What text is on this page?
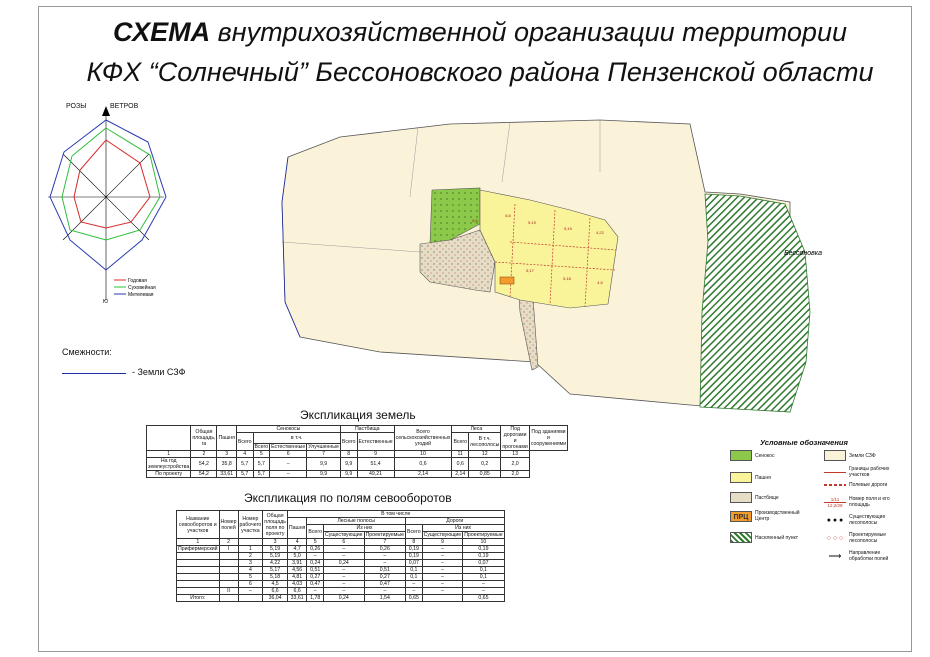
СХЕМА внутрихозяйственной организации территории
КФХ “Солнечный” Бессоновского района Пензенской области
РОЗЫ	ВЕТРОВ
Ю
Годовая
Суховейная
Метелевая
Смежности:
- Земли СЗФ
5,6	5,19
5,19
4,22
5,17
5,18
4,5
6,6
Бессоновка
Экспликация земель
	Общая площадь, га	Пашня	Сенокосы				Пастбища		Всего сельскохозяйственных угодий	Леса		Под дорогами и прогонами	Под зданиями и сооружениями
			Всего	в т.ч.			Всего	Естественные		Всего	В т.ч. лесополосы		
				Всего	Естественные	Улучшенные							
1	2	3	4	5	6	7	8	9	10	11	12	13	
На год землеустройства	54,2	35,8	5,7	5,7	–	9,9	9,9	51,4	0,6	0,6	0,2	2,0	
По проекту	54,2	33,61	5,7	5,7	–	9,9	9,9	49,21	2,14	2,14	0,85	2,0	
Экспликация по полям севооборотов
Название севооборотов и участков	Номер полей	Номер рабочего участка	Общая площадь поля по проекту	В том числе						
				Пашня	Лесные полосы			Дороги		
					Всего	Из них		Всего	Из них	
						Существующие	Проектируемые		Существующие	Проектируемые
1	2		3	4	5	6	7	8	9	10
Прифермерский	I	1	5,19	4,7	0,26	–	0,26	0,19	–	0,19
		2	5,19	5,0	–	–	–	0,19	–	0,19
		3	4,22	3,91	0,24	0,24	–	0,07	–	0,07
		4	5,17	4,56	0,51	–	0,51	0,1	–	0,1
		5	5,18	4,81	0,27	–	0,27	0,1	–	0,1
		6	4,5	4,03	0,47	–	0,47	–	–	–
	II	–	6,6	6,6	–	–	–	–	–	–
Итого:			36,04	33,61	1,78	0,24	1,54	0,65		0,65
Условные обозначения
Сенокос
Пашня
Пастбище
ПРЦ
Производственный Центр
Населенный пункт
Земли СЗФ
Границы рабочих участков
Полевые дороги
1/11
12,2/28
Номер поля и его площадь
● ● ●	Существующие лесополосы
○ ○ ○	Проектируемые лесополосы
⟶	Направление обработки полей
